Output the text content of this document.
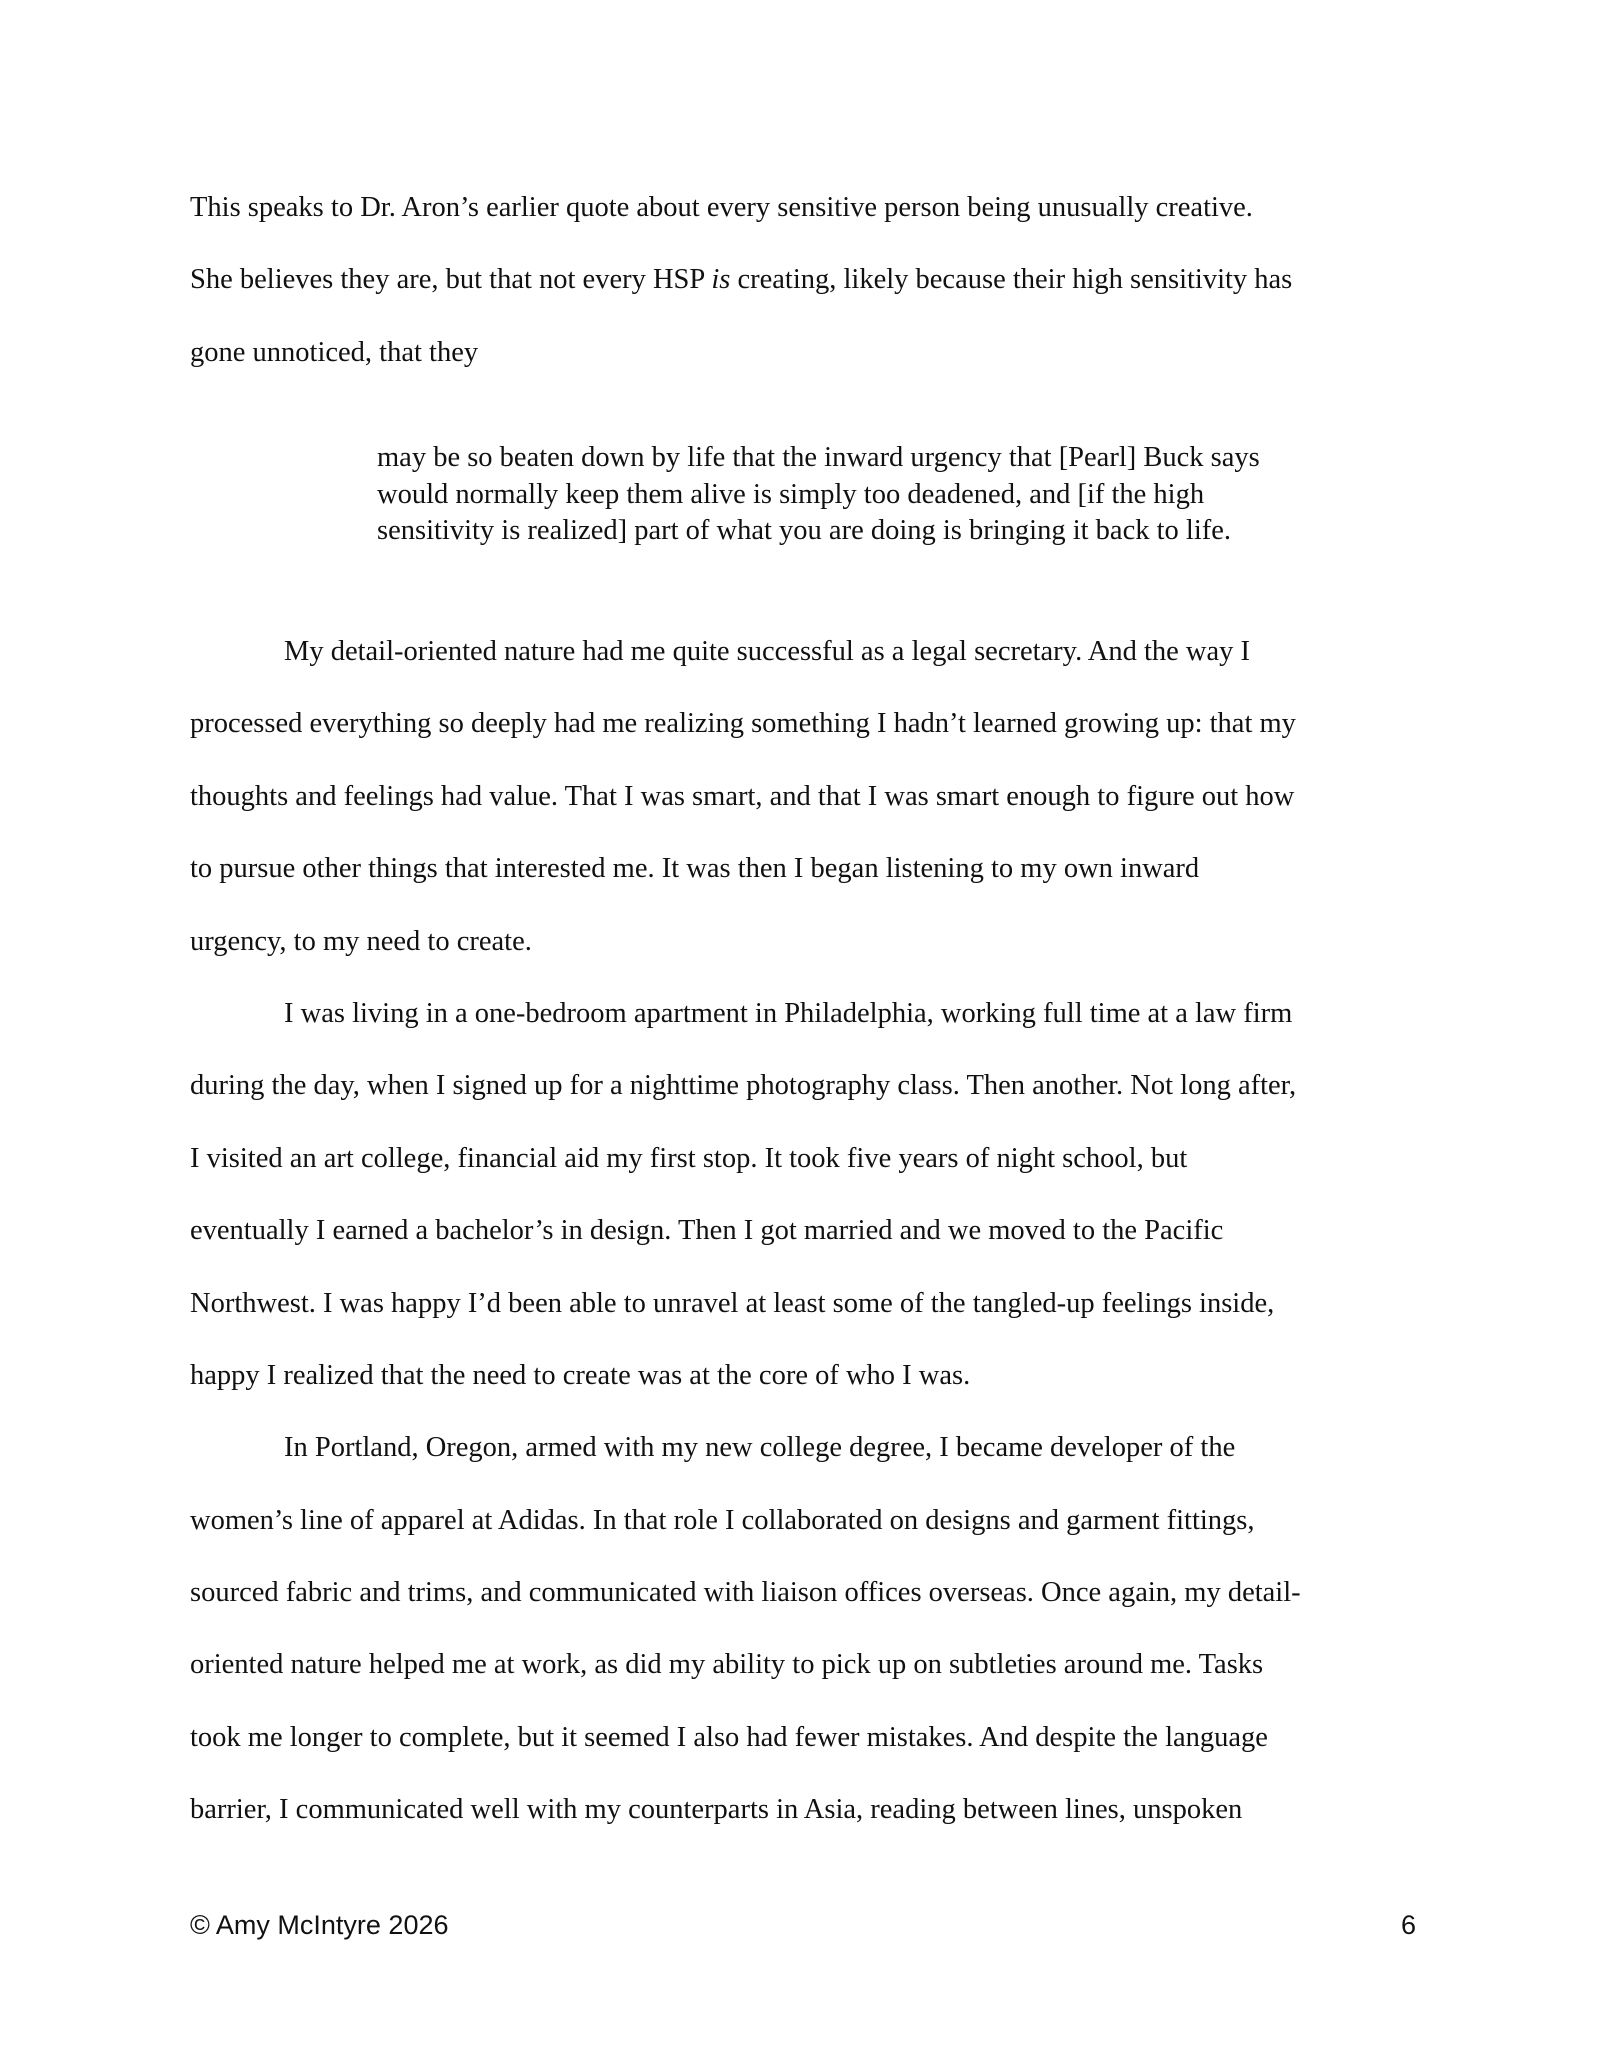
This speaks to Dr. Aron’s earlier quote about every sensitive person being unusually creative.
She believes they are, but that not every HSP is creating, likely because their high sensitivity has
gone unnoticed, that they
may be so beaten down by life that the inward urgency that [Pearl] Buck says
would normally keep them alive is simply too deadened, and [if the high
sensitivity is realized] part of what you are doing is bringing it back to life.
My detail-oriented nature had me quite successful as a legal secretary. And the way I
processed everything so deeply had me realizing something I hadn’t learned growing up: that my
thoughts and feelings had value. That I was smart, and that I was smart enough to figure out how
to pursue other things that interested me. It was then I began listening to my own inward
urgency, to my need to create.
I was living in a one-bedroom apartment in Philadelphia, working full time at a law firm
during the day, when I signed up for a nighttime photography class. Then another. Not long after,
I visited an art college, financial aid my first stop. It took five years of night school, but
eventually I earned a bachelor’s in design. Then I got married and we moved to the Pacific
Northwest. I was happy I’d been able to unravel at least some of the tangled-up feelings inside,
happy I realized that the need to create was at the core of who I was.
In Portland, Oregon, armed with my new college degree, I became developer of the
women’s line of apparel at Adidas. In that role I collaborated on designs and garment fittings,
sourced fabric and trims, and communicated with liaison offices overseas. Once again, my detail-
oriented nature helped me at work, as did my ability to pick up on subtleties around me. Tasks
took me longer to complete, but it seemed I also had fewer mistakes. And despite the language
barrier, I communicated well with my counterparts in Asia, reading between lines, unspoken
© Amy McIntyre 2026	6
